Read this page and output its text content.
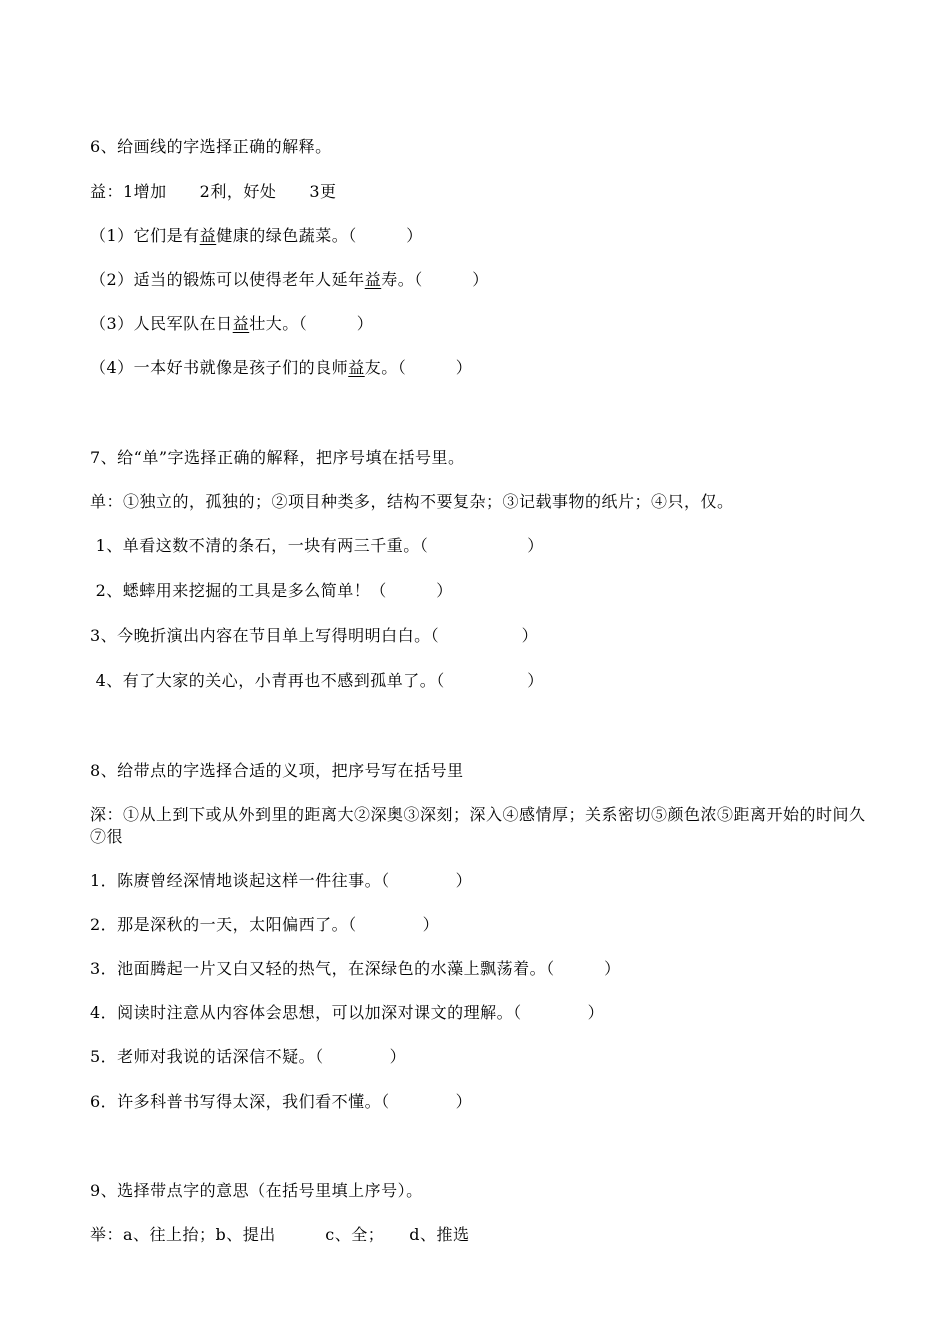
6、给画线的字选择正确的解释。
益：1增加　　2利，好处　　3更
（1）它们是有益健康的绿色蔬菜。（　　　）
（2）适当的锻炼可以使得老年人延年益寿。（　　　）
（3）人民军队在日益壮大。（　　　）
（4）一本好书就像是孩子们的良师益友。（　　　）
7、给“单”字选择正确的解释，把序号填在括号里。
单：①独立的，孤独的；②项目种类多，结构不要复杂；③记载事物的纸片；④只，仅。
1、单看这数不清的条石，一块有两三千重。（　　　　　　）
2、蟋蟀用来挖掘的工具是多么简单！（　　　）
3、今晚折演出内容在节目单上写得明明白白。（　　　　　）
4、有了大家的关心，小青再也不感到孤单了。（　　　　　）
8、给带点的字选择合适的义项，把序号写在括号里
深：①从上到下或从外到里的距离大②深奥③深刻；深入④感情厚；关系密切⑤颜色浓⑤距离开始的时间久 ⑦很
1．陈赓曾经深情地谈起这样一件往事。（　　　　）
2．那是深秋的一天，太阳偏西了。（　　　　）
3．池面腾起一片又白又轻的热气，在深绿色的水藻上飘荡着。（　　　）
4．阅读时注意从内容体会思想，可以加深对课文的理解。（　　　　）
5．老师对我说的话深信不疑。（　　　　）
6．许多科普书写得太深，我们看不懂。（　　　　）
9、选择带点字的意思（在括号里填上序号）。
举：a、往上抬；b、提出　　　c、全；　　d、推选
